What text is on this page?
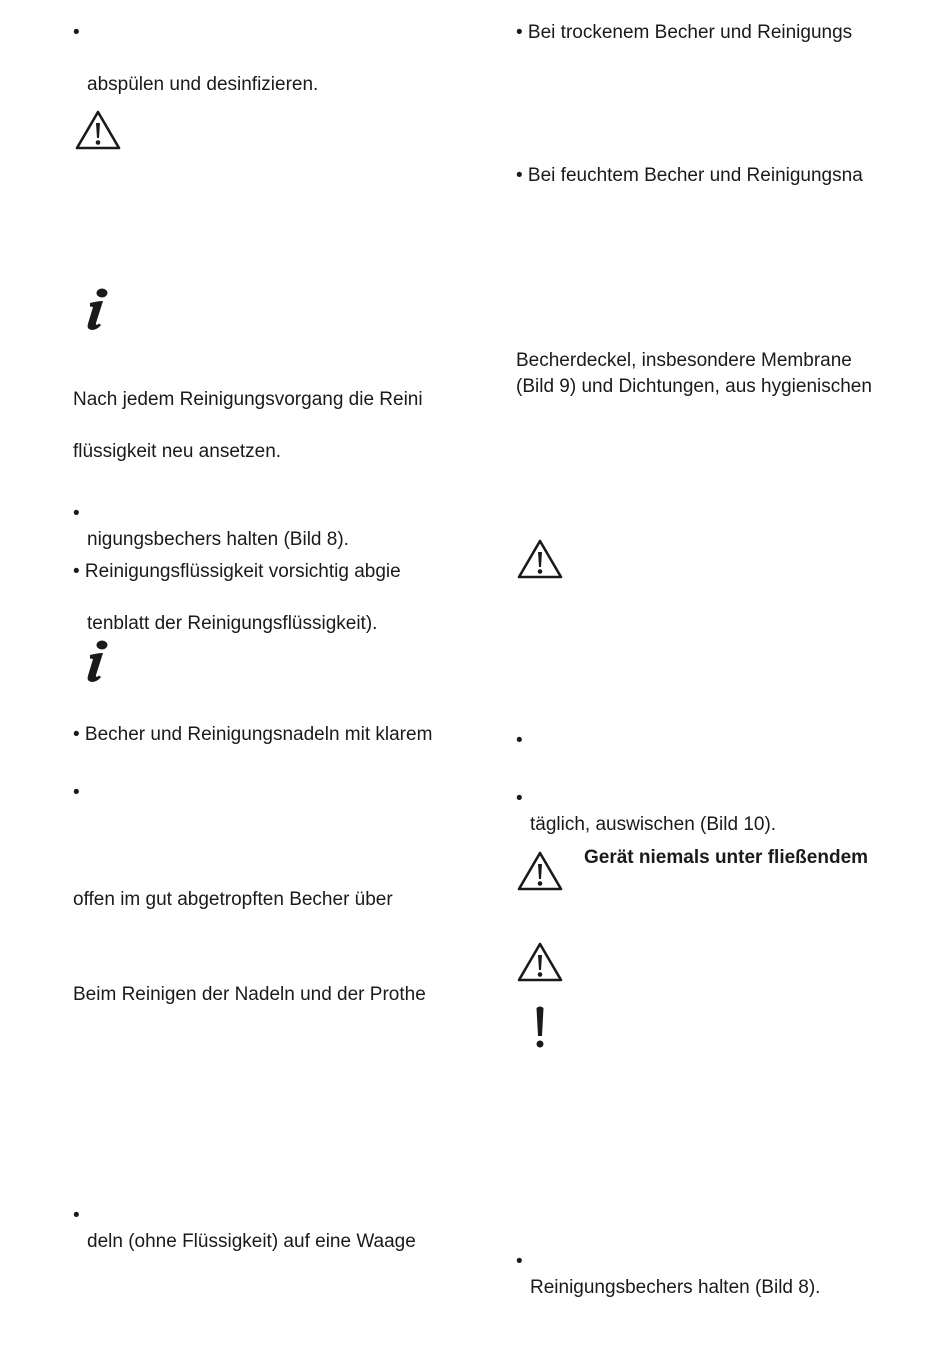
•
abspülen und desinfizieren.
Nach jedem Reinigungsvorgang die Reini
flüssigkeit neu ansetzen.
•
nigungsbechers halten (Bild 8).
• Reinigungsflüssigkeit vorsichtig abgie
tenblatt der Reinigungsflüssigkeit).
• Becher und Reinigungsnadeln mit klarem
•
offen im gut abgetropften Becher über
Beim Reinigen der Nadeln und der Prothe
•
deln (ohne Flüssigkeit) auf eine Waage
• Bei trockenem Becher und Reinigungs
• Bei feuchtem Becher und Reinigungsna
Becherdeckel, insbesondere Membrane
(Bild 9) und Dichtungen, aus hygienischen
•
•
täglich, auswischen (Bild 10).
Gerät niemals unter fließendem
•
Reinigungsbechers halten (Bild 8).
